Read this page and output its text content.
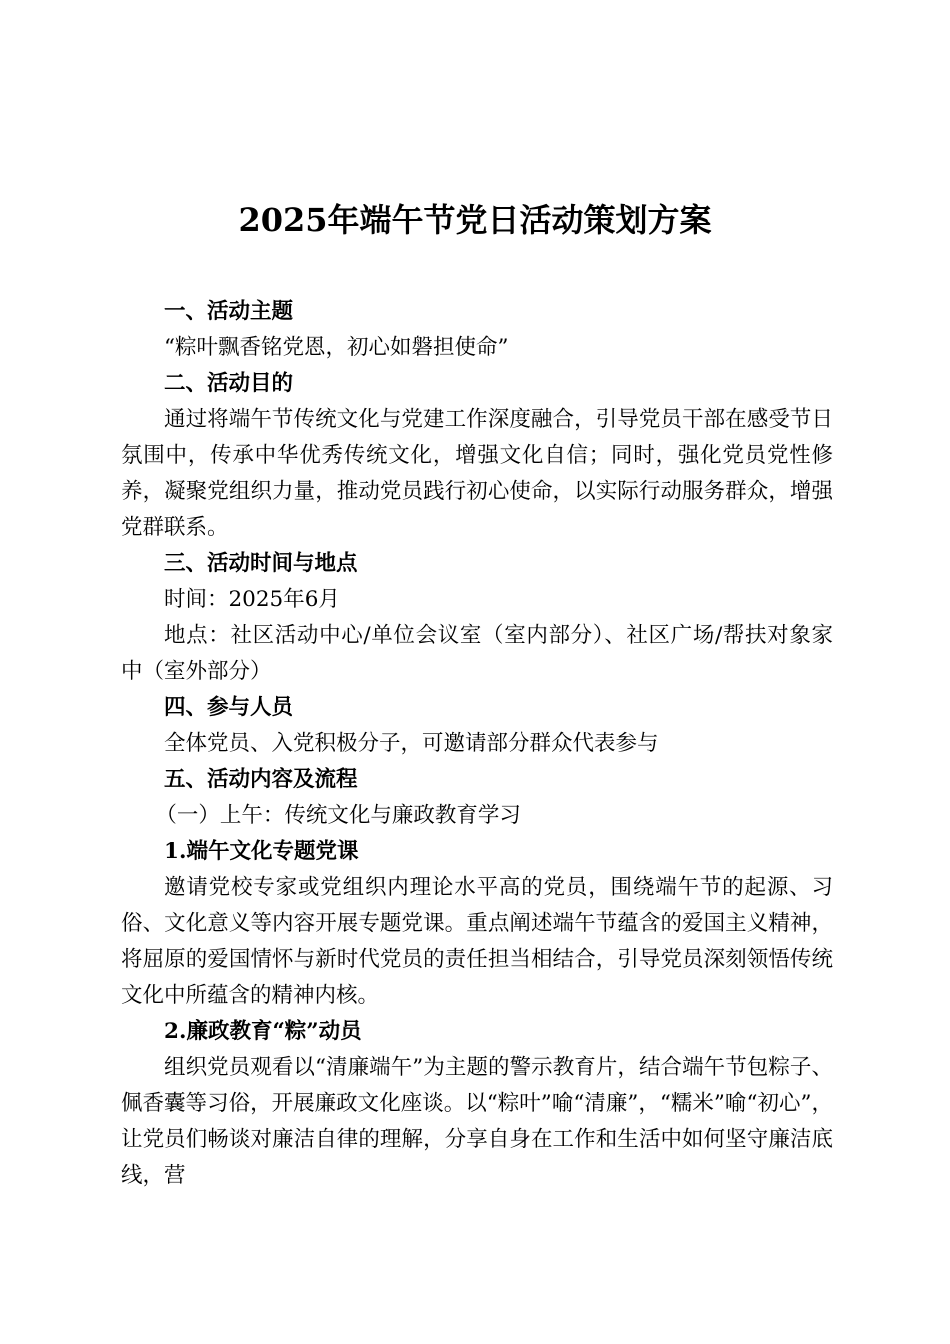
2025年端午节党日活动策划方案

一、活动主题

“粽叶飘香铭党恩，初心如磐担使命”

二、活动目的

通过将端午节传统文化与党建工作深度融合，引导党员干部在感受节日氛围中，传承中华优秀传统文化，增强文化自信；同时，强化党员党性修养，凝聚党组织力量，推动党员践行初心使命，以实际行动服务群众，增强党群联系。

三、活动时间与地点

时间：2025年6月

地点：社区活动中心/单位会议室（室内部分）、社区广场/帮扶对象家中（室外部分）

四、参与人员

全体党员、入党积极分子，可邀请部分群众代表参与

五、活动内容及流程

（一）上午：传统文化与廉政教育学习

1.端午文化专题党课

邀请党校专家或党组织内理论水平高的党员，围绕端午节的起源、习俗、文化意义等内容开展专题党课。重点阐述端午节蕴含的爱国主义精神，将屈原的爱国情怀与新时代党员的责任担当相结合，引导党员深刻领悟传统文化中所蕴含的精神内核。

2.廉政教育“粽”动员

组织党员观看以“清廉端午”为主题的警示教育片，结合端午节包粽子、佩香囊等习俗，开展廉政文化座谈。以“粽叶”喻“清廉”，“糯米”喻“初心”，让党员们畅谈对廉洁自律的理解，分享自身在工作和生活中如何坚守廉洁底线，营
